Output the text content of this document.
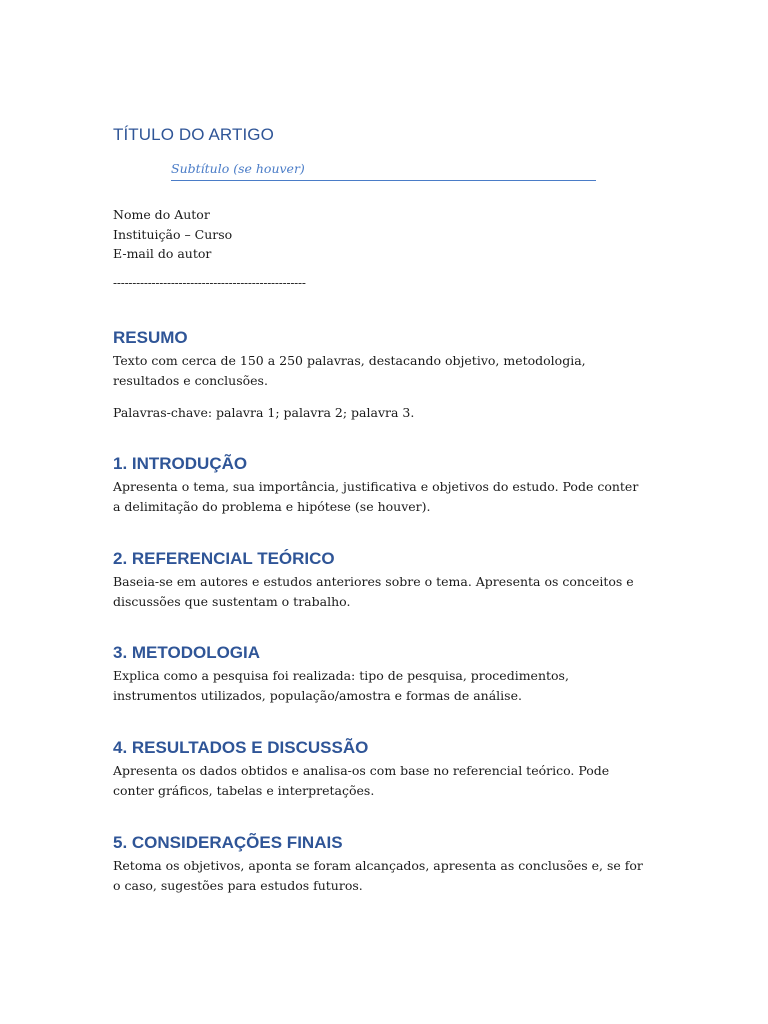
TÍTULO DO ARTIGO
Subtítulo (se houver)
Nome do Autor
Instituição – Curso
E-mail do autor
--------------------------------------------------
RESUMO

Texto com cerca de 150 a 250 palavras, destacando objetivo, metodologia, resultados e conclusões.

Palavras-chave: palavra 1; palavra 2; palavra 3.
1. INTRODUÇÃO

Apresenta o tema, sua importância, justificativa e objetivos do estudo. Pode conter a delimitação do problema e hipótese (se houver).

2. REFERENCIAL TEÓRICO

Baseia-se em autores e estudos anteriores sobre o tema. Apresenta os conceitos e discussões que sustentam o trabalho.

3. METODOLOGIA

Explica como a pesquisa foi realizada: tipo de pesquisa, procedimentos, instrumentos utilizados, população/amostra e formas de análise.

4. RESULTADOS E DISCUSSÃO

Apresenta os dados obtidos e analisa-os com base no referencial teórico. Pode conter gráficos, tabelas e interpretações.

5. CONSIDERAÇÕES FINAIS

Retoma os objetivos, aponta se foram alcançados, apresenta as conclusões e, se for o caso, sugestões para estudos futuros.
